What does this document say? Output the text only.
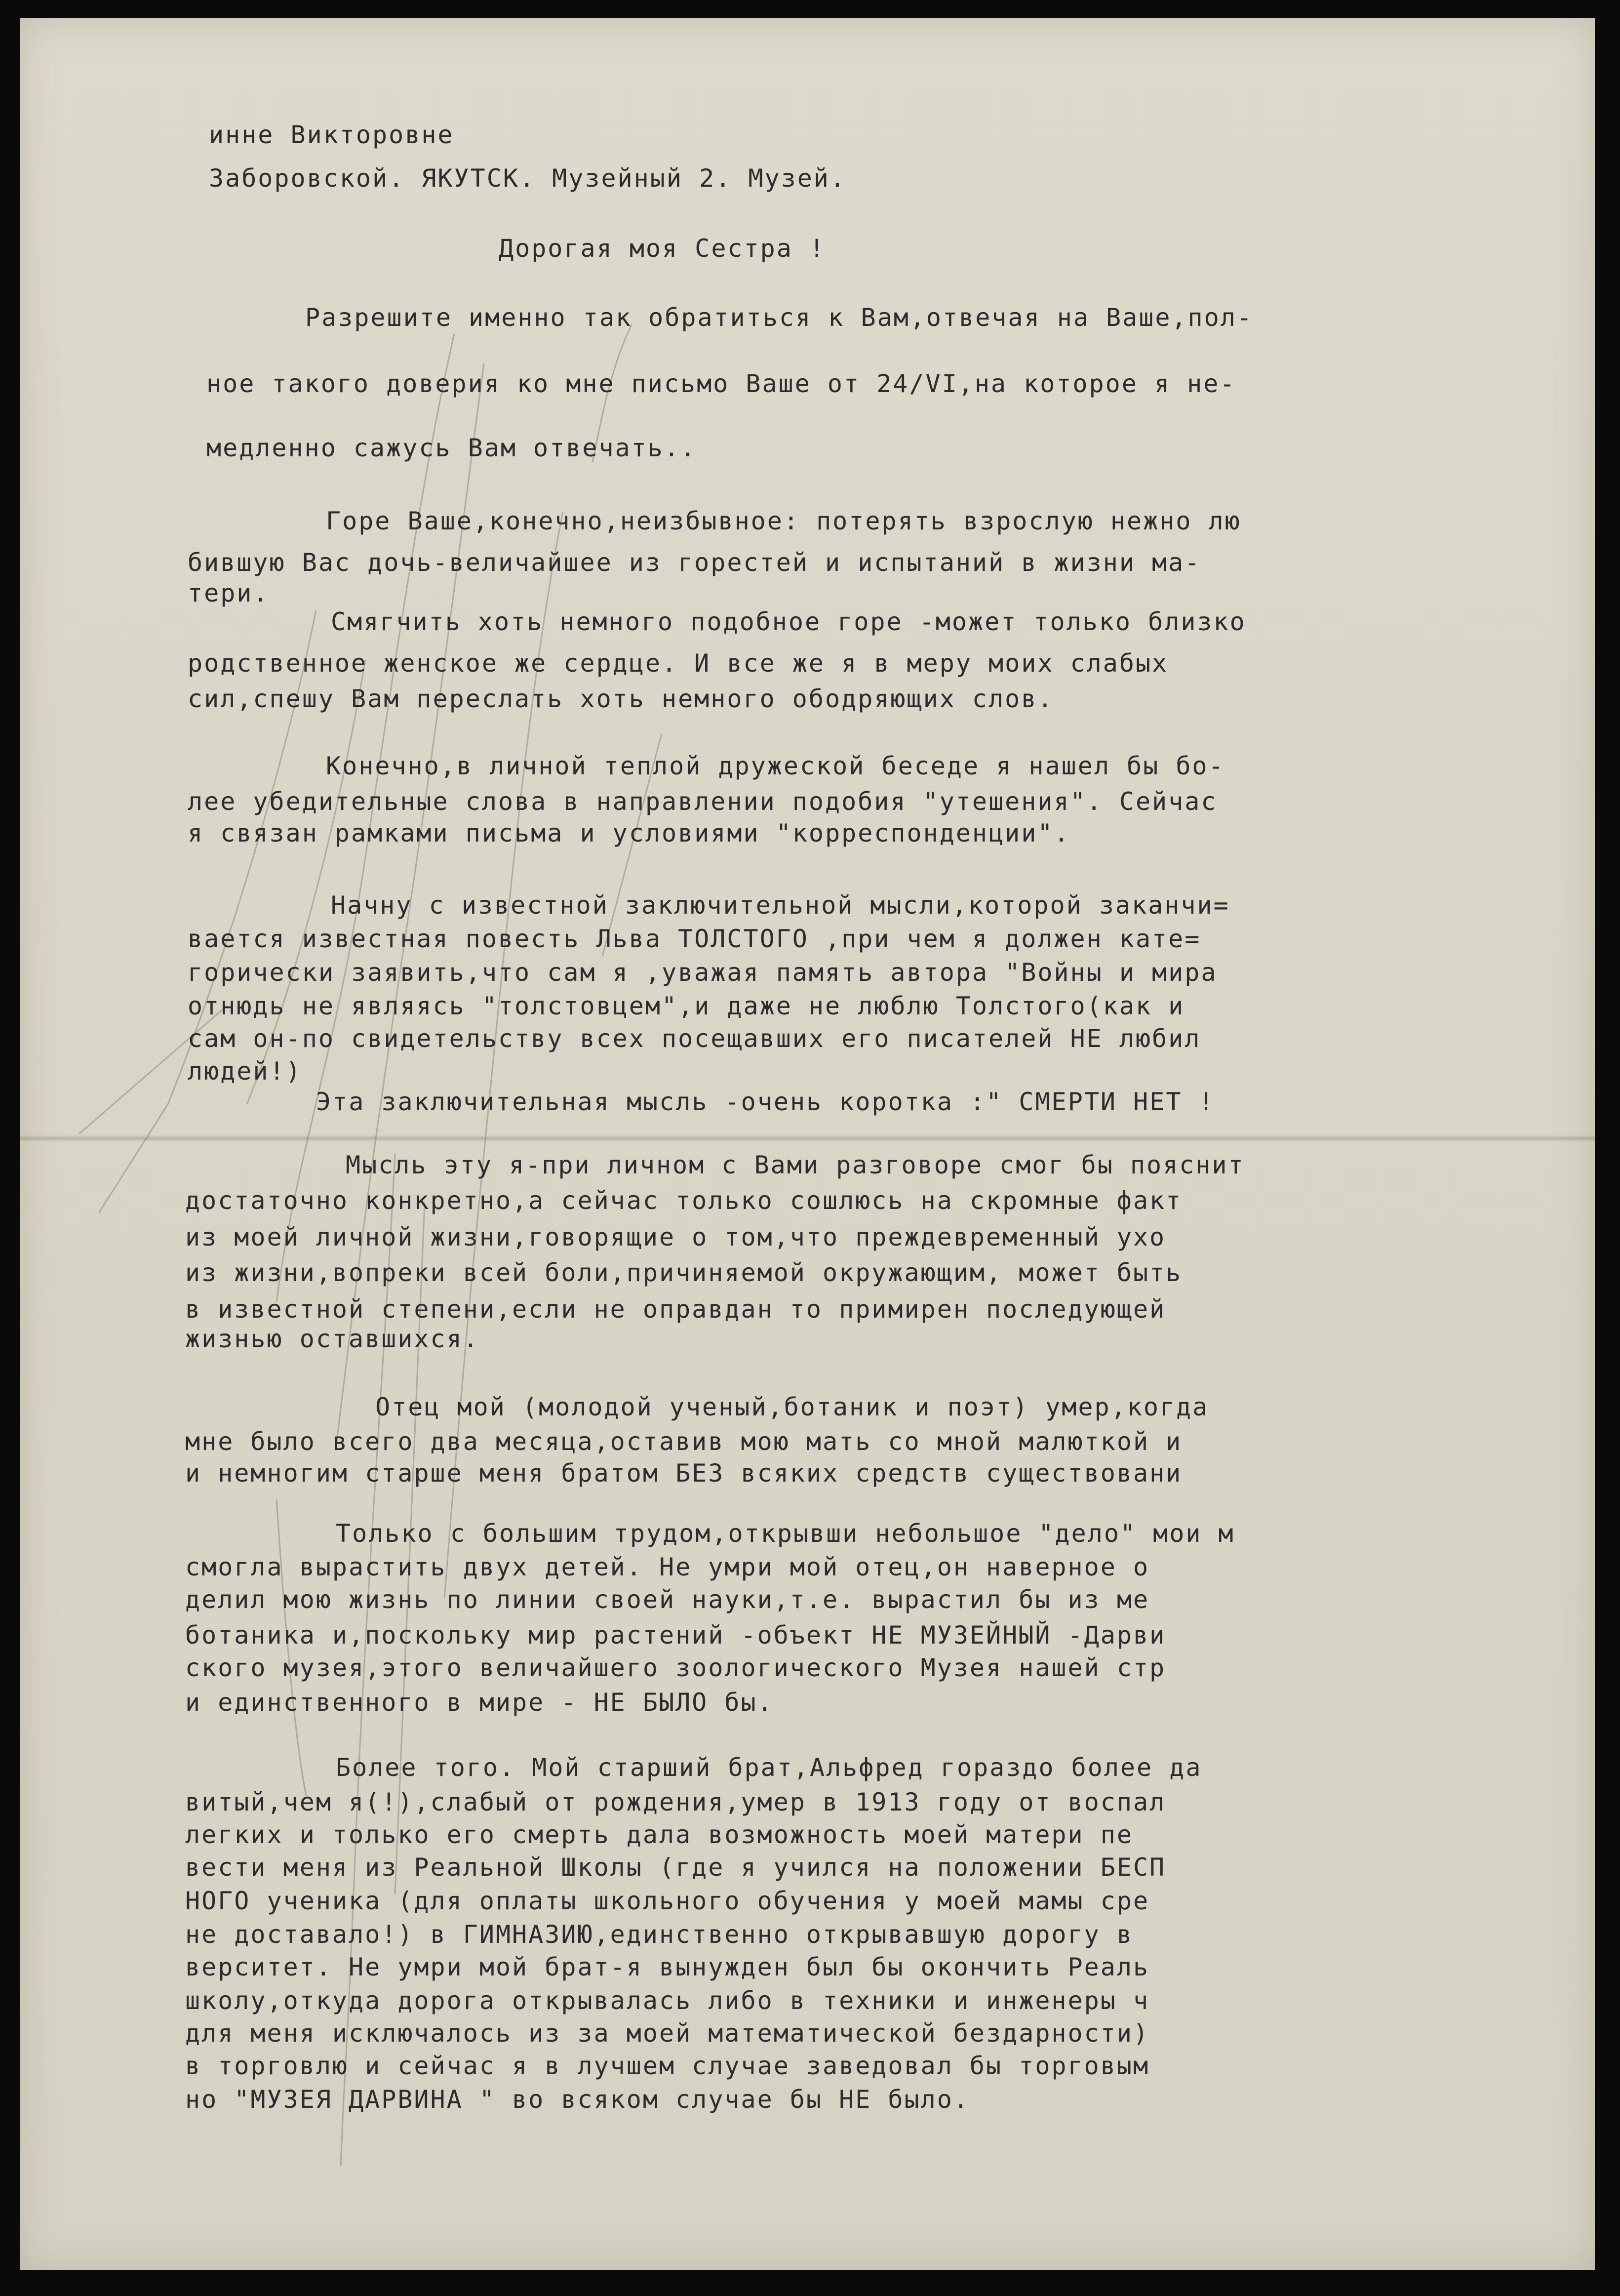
инне Викторовне
Заборовской. ЯКУТСК. Музейный 2. Музей.
Дорогая моя Сестра !
Разрешите именно так обратиться к Вам,отвечая на Ваше,пол-
ное такого доверия ко мне письмо Ваше от 24/VI,на которое я не-
медленно сажусь Вам отвечать..
Горе Ваше,конечно,неизбывное: потерять взрослую нежно лю
бившую Вас дочь-величайшее из горестей и испытаний в жизни ма-
тери.
Смягчить хоть немного подобное горе -может только близко
родственное женское же сердце. И все же я в меру моих слабых
сил,спешу Вам переслать хоть немного ободряющих слов.
Конечно,в личной теплой дружеской беседе я нашел бы бо-
лее убедительные слова в направлении подобия "утешения". Сейчас
я связан рамками письма и условиями "корреспонденции".
Начну с известной заключительной мысли,которой заканчи=
вается известная повесть Льва ТОЛСТОГО ,при чем я должен кате=
горически заявить,что сам я ,уважая память автора "Войны и мира
отнюдь не являясь "толстовцем",и даже не люблю Толстого(как и
сам он-по свидетельству всех посещавших его писателей НЕ любил
людей!)
Эта заключительная мысль -очень коротка :" СМЕРТИ НЕТ !
Мысль эту я-при личном с Вами разговоре смог бы пояснит
достаточно конкретно,а сейчас только сошлюсь на скромные факт
из моей личной жизни,говорящие о том,что преждевременный ухо
из жизни,вопреки всей боли,причиняемой окружающим, может быть
в известной степени,если не оправдан то примирен последующей
жизнью оставшихся.
Отец мой (молодой ученый,ботаник и поэт) умер,когда
мне было всего два месяца,оставив мою мать со мной малюткой и
и немногим старше меня братом БЕЗ всяких средств существовани
Только с большим трудом,открывши небольшое "дело" мои м
смогла вырастить двух детей. Не умри мой отец,он наверное о
делил мою жизнь по линии своей науки,т.е. вырастил бы из ме
ботаника и,поскольку мир растений -объект НЕ МУЗЕЙНЫЙ -Дарви
ского музея,этого величайшего зоологического Музея нашей стр
и единственного в мире - НЕ БЫЛО бы.
Более того. Мой старший брат,Альфред гораздо более да
витый,чем я(!),слабый от рождения,умер в 1913 году от воспал
легких и только его смерть дала возможность моей матери пе
вести меня из Реальной Школы (где я учился на положении БЕСП
НОГО ученика (для оплаты школьного обучения у моей мамы сре
не доставало!) в ГИМНАЗИЮ,единственно открывавшую дорогу в
верситет. Не умри мой брат-я вынужден был бы окончить Реаль
школу,откуда дорога открывалась либо в техники и инженеры ч
для меня исключалось из за моей математической бездарности)
в торговлю и сейчас я в лучшем случае заведовал бы торговым
но "МУЗЕЯ ДАРВИНА " во всяком случае бы НЕ было.
